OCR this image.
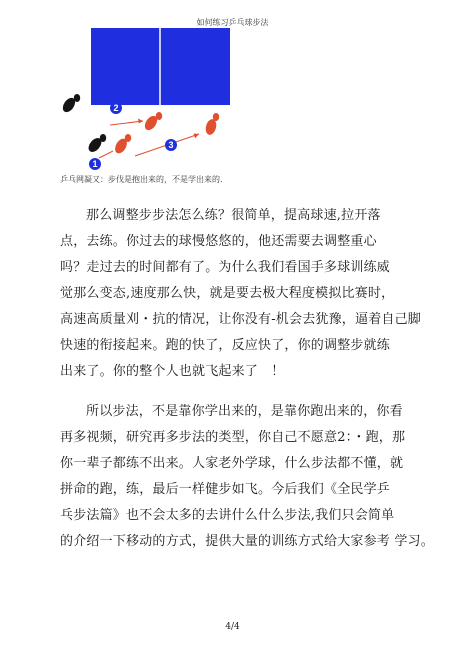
如何练习乒乓球步法
2
3
1
乒乓网凝又：步伐是抱出来的，不是学出来的.
那么调整步步法怎么练？很简单，提高球速,拉开落
点，去练。你过去的球慢悠悠的，他还需要去调整重心
吗？走过去的时间都有了。为什么我们看国手多球训练威
觉那么变态,速度那么快，就是要去极大程度模拟比赛时，
高速高质量刈・抗的情况，让你没有-机会去犹豫，逼着自己脚
快速的衔接起来。跑的快了，反应快了，你的调整步就练
出来了。你的整个人也就飞起来了　！
所以步法，不是靠你学出来的，是靠你跑出来的，你看
再多视频，研究再多步法的类型，你自己不愿意2：・跑，那
你一辈子都练不出来。人家老外学球，什么步法都不懂，就
拼命的跑，练，最后一样健步如飞。今后我们《全民学乒
乓步法篇》也不会太多的去讲什么什么步法,我们只会简单
的介绍一下移动的方式，提供大量的训练方式给大家参考 学习。
4/4
